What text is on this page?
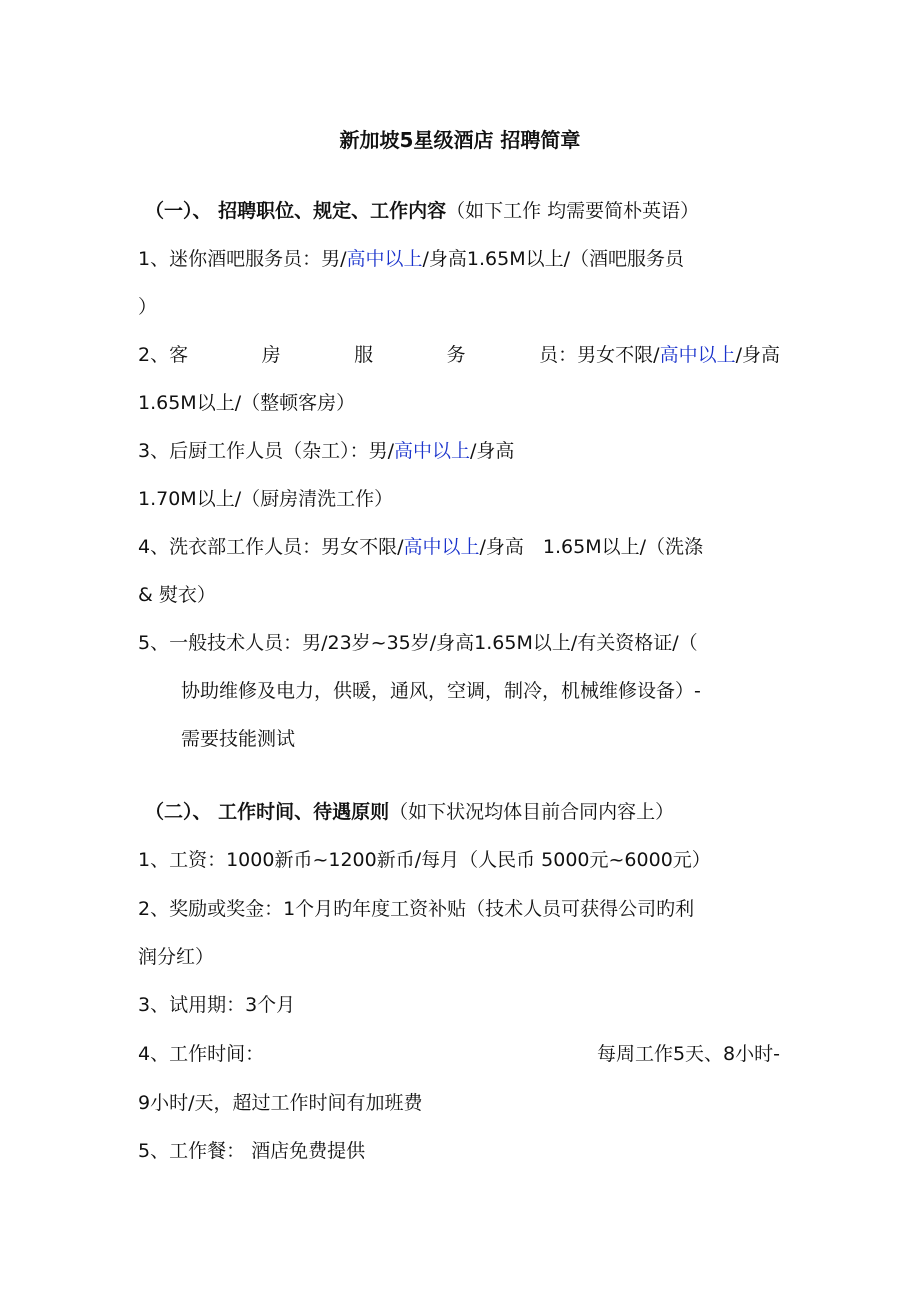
新加坡5星级酒店 招聘简章
（一）、 招聘职位、规定、工作内容（如下工作 均需要简朴英语）
1、迷你酒吧服务员：男/高中以上/身高1.65M以上/（酒吧服务员
）
2、客	房	服	务	员：男女不限/高中以上/身高
1.65M以上/（整顿客房）
3、后厨工作人员（杂工）：男/高中以上/身高
1.70M以上/（厨房清洗工作）
4、洗衣部工作人员：男女不限/高中以上/身高　1.65M以上/（洗涤
& 熨衣）
5、一般技术人员：男/23岁~35岁/身高1.65M以上/有关资格证/（
协助维修及电力，供暖，通风，空调，制冷，机械维修设备）-
需要技能测试
（二）、 工作时间、待遇原则（如下状况均体目前合同内容上）
1、工资：1000新币~1200新币/每月（人民币 5000元~6000元）
2、奖励或奖金：1个月旳年度工资补贴（技术人员可获得公司旳利
润分红）
3、试用期：3个月
4、工作时间：	每周工作5天、8小时-
9小时/天，超过工作时间有加班费
5、工作餐： 酒店免费提供
